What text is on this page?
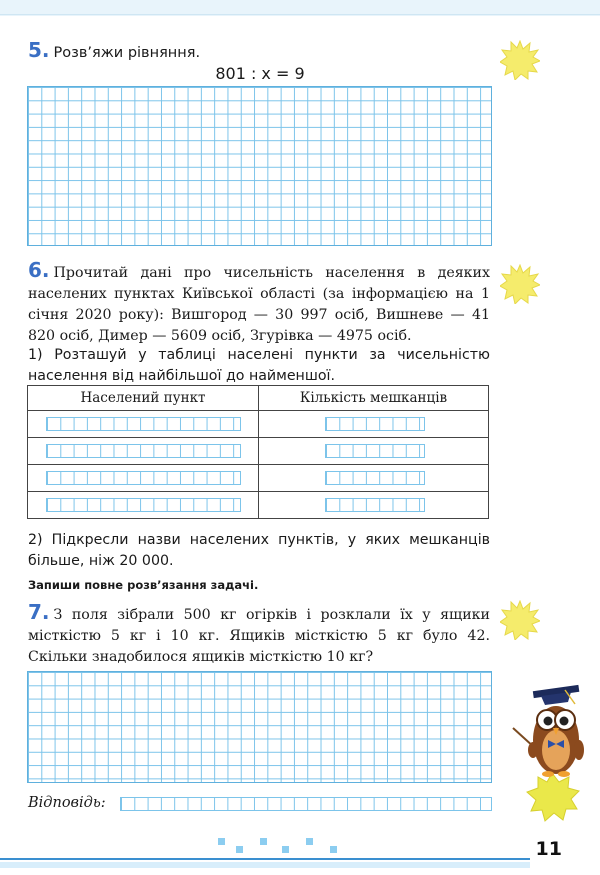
5. Розв’яжи рівняння.
801 : x = 9
6. Прочитай дані про чисельність населення в деяких населених пунктах Київської області (за інформацією на 1 січня 2020 року): Вишгород — 30 997 осіб, Вишневе — 41 820 осіб, Димер — 5609 осіб, Згурівка — 4975 осіб.
1) Розташуй у таблиці населені пункти за чисельністю населення від найбільшої до найменшої.
Населений пункт	Кількість мешканців

2) Підкресли назви населених пунктів, у яких мешканців більше, ніж 20 000.
Запиши повне розв’язання задачі.
7. З поля зібрали 500 кг огірків і розклали їх у ящики місткістю 5 кг і 10 кг. Ящиків місткістю 5 кг було 42. Скільки знадобилося ящиків місткістю 10 кг?
Відповідь:
11
